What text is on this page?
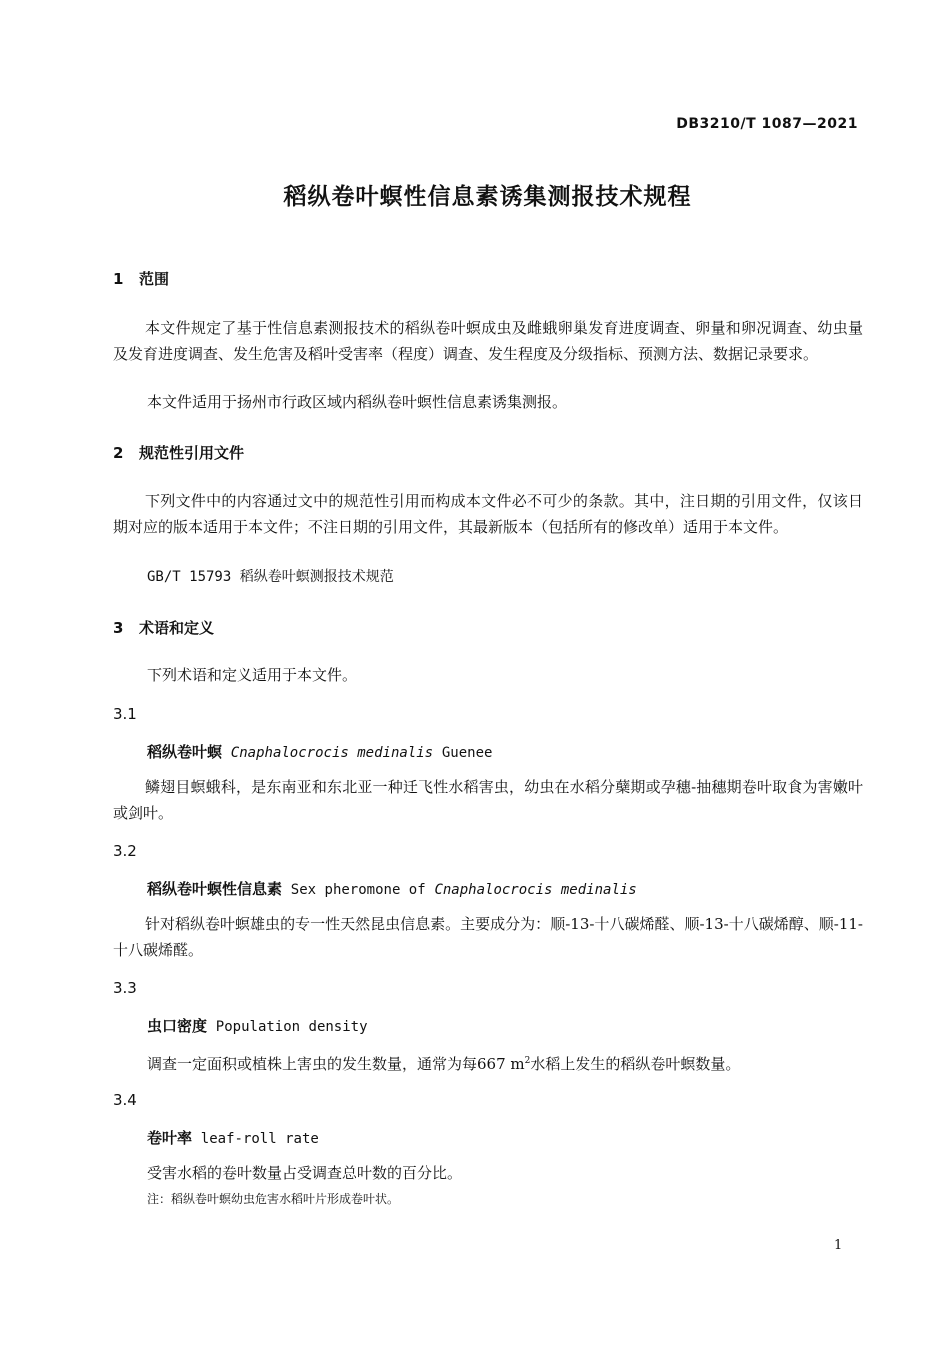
DB3210/T 1087—2021
稻纵卷叶螟性信息素诱集测报技术规程
1 范围
本文件规定了基于性信息素测报技术的稻纵卷叶螟成虫及雌蛾卵巢发育进度调查、卵量和卵况调查、幼虫量及发育进度调查、发生危害及稻叶受害率（程度）调查、发生程度及分级指标、预测方法、数据记录要求。
本文件适用于扬州市行政区域内稻纵卷叶螟性信息素诱集测报。
2 规范性引用文件
下列文件中的内容通过文中的规范性引用而构成本文件必不可少的条款。其中，注日期的引用文件，仅该日期对应的版本适用于本文件；不注日期的引用文件，其最新版本（包括所有的修改单）适用于本文件。
GB/T 15793 稻纵卷叶螟测报技术规范
3 术语和定义
下列术语和定义适用于本文件。
3.1
稻纵卷叶螟 Cnaphalocrocis medinalis Guenee
鳞翅目螟蛾科，是东南亚和东北亚一种迁飞性水稻害虫，幼虫在水稻分蘖期或孕穗-抽穗期卷叶取食为害嫩叶或剑叶。
3.2
稻纵卷叶螟性信息素 Sex pheromone of Cnaphalocrocis medinalis
针对稻纵卷叶螟雄虫的专一性天然昆虫信息素。主要成分为：顺-13-十八碳烯醛、顺-13-十八碳烯醇、顺-11-十八碳烯醛。
3.3
虫口密度 Population density
调查一定面积或植株上害虫的发生数量，通常为每667 $m^2$水稻上发生的稻纵卷叶螟数量。
3.4
卷叶率 leaf-roll rate
受害水稻的卷叶数量占受调查总叶数的百分比。
注：稻纵卷叶螟幼虫危害水稻叶片形成卷叶状。
1
